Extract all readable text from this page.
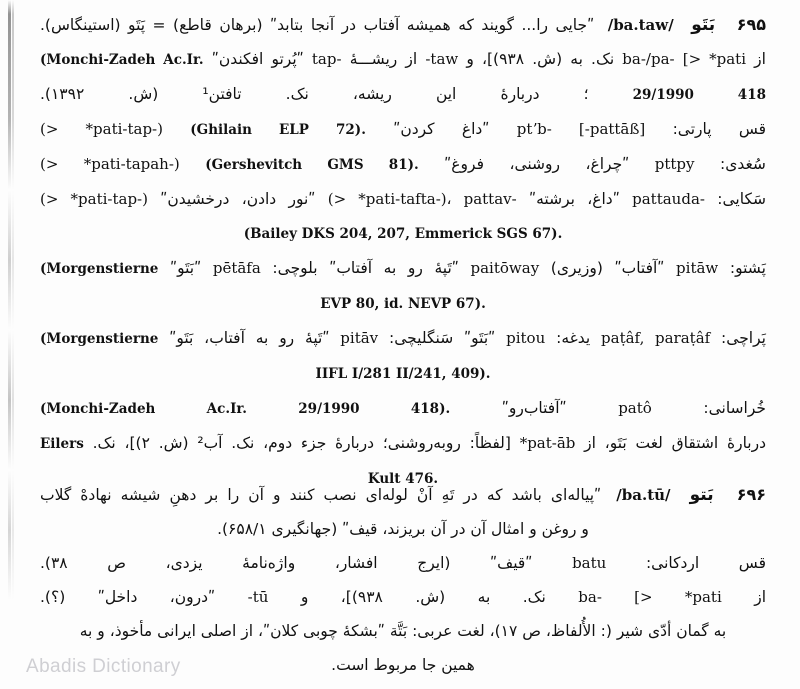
۶۹۵ بَتَو /ba.taw/ ʺجایی را... گویند که همیشه آفتاب در آنجا بتابدʺ (برهان قاطع) = پَتَو (استینگاس).
از ba-/pa- [> *pati نک. به (ش. ۹۳۸)]، و -taw از ریشـــهٔ tap- ʺپُرتو افکندنʺ (Monchi-Zadeh Ac.Ir.
29/1990 418 ؛ دربارهٔ این ریشه، نک. تافتن¹ (ش. ۱۳۹۲).
قس پارتی: ptʼb- [-pattāß] ʺداغ کردنʺ (> *pati-tap-) (Ghilain ELP 72).
سُغدی: pttpy ʺچراغ، روشنی، فروغʺ (> *pati-tapah-) (Gershevitch GMS 81).
سَکایی: pattauda- ʺداغ، برشتهʺ (> *pati-tafta-)، pattav- ʺنور دادن، درخشیدنʺ (> *pati-tap-)
(Bailey DKS 204, 207, Emmerick SGS 67).
پَشتو: pitāw ʺآفتابʺ (وزیری) paitōway ʺتَپهٔ رو به آفتابʺ بلوچی: pētāfa ʺبَتَوʺ (Morgenstierne
EVP 80, id. NEVP 67).
پَراچی: paṭâf, paraṭâf یدغه: pitou ʺبَتَوʺ سَنگلیچی: pitāv ʺتَپهٔ رو به آفتاب، بَتَوʺ (Morgenstierne
IIFL I/281 II/241, 409).
خُراسانی: patô ʺآفتاب‌روʺ (Monchi-Zadeh Ac.Ir. 29/1990 418).
دربارهٔ اشتقاق لغت بَتَو، از *pat-āb [لفظاً: روبه‌روشنی؛ دربارهٔ جزء دوم، نک. آب² (ش. ۲)]، نک. Eilers
Kult 476.
۶۹۶ بَتو /ba.tū/ ʺپیاله‌ای باشد که در تَهِ آنْ لوله‌ای نصب کنند و آن را بر دهنِ شیشه نهادهْ گلاب
و روغن و امثال آن در آن بریزند، قیفʺ (جهانگیری ۶۵۸/۱).
قس اردکانی: batu ʺقیفʺ (ایرج افشار، واژه‌نامهٔ یزدی، ص ۳۸).
از ba- [> *pati نک. به (ش. ۹۳۸)]، و -tū ʺدرون، داخلʺ (؟).
به گمان أدّی شیر (: الأُلفاظ، ص ۱۷)، لغت عربی: بَتَّة ʺبشکهٔ چوبی کلانʺ، از اصلی ایرانی مأخوذ، و به
همین جا مربوط است.
Abadis Dictionary
